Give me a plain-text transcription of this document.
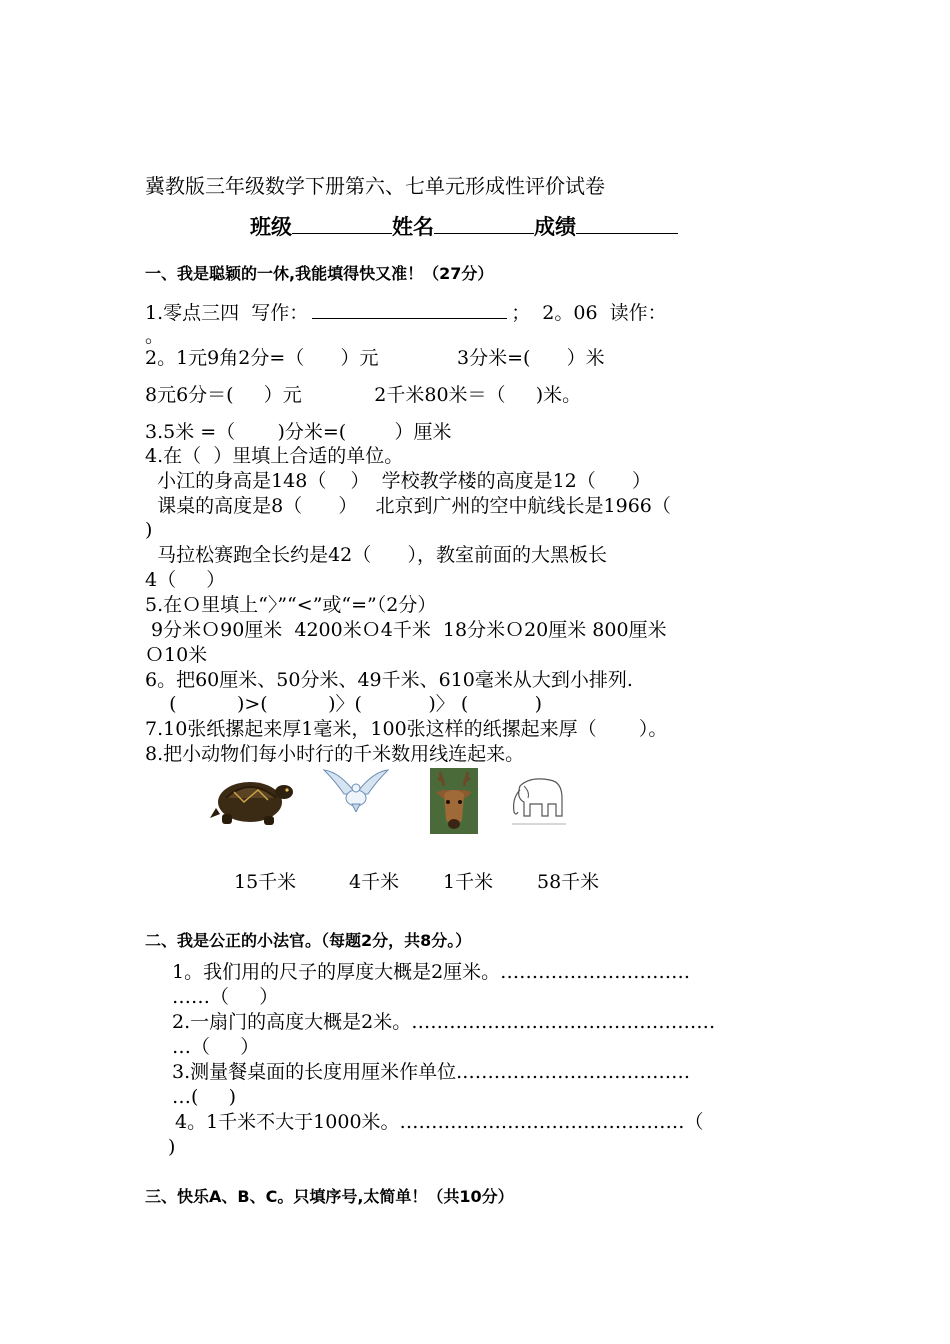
冀教版三年级数学下册第六、七单元形成性评价试卷
班级	姓名	成绩
一、我是聪颖的一休,我能填得快又准！（27分）
1.零点三四  写作：	；  2。06  读作：
。
2。1元9角2分=（      ）元             3分米=(      ）米
8元6分＝(     ）元            2千米80米＝（     )米。
3.5米 =（       )分米=(        ）厘米
4.在（  ）里填上合适的单位。
小江的身高是148（    ）  学校教学楼的高度是12（      ）
课桌的高度是8（      ）   北京到广州的空中航线长是1966（
)
马拉松赛跑全长约是42（      ），教室前面的大黑板长
4（     ）
5.在Ｏ里填上“〉”“<”或“=”（2分）
9分米Ｏ90厘米  4200米Ｏ4千米  18分米Ｏ20厘米 800厘米
Ｏ10米
6。把60厘米、50分米、49千米、610毫米从大到小排列.
(          )>(          )〉(           )〉 (           )
7.10张纸摞起来厚1毫米，100张这样的纸摞起来厚（       ）。
8.把小动物们每小时行的千米数用线连起来。
15千米	4千米 1千米 58千米
二、我是公正的小法官。（每题2分，共8分。）
1。我们用的尺子的厚度大概是2厘米。…………………………
……（     ）
2.一扇门的高度大概是2米。…………………………………………
…（     ）
3.测量餐桌面的长度用厘米作单位.………………………………
…(     )
4。1千米不大于1000米。………………………………………（
)
三、快乐A、B、C。只填序号,太简单！（共10分）
